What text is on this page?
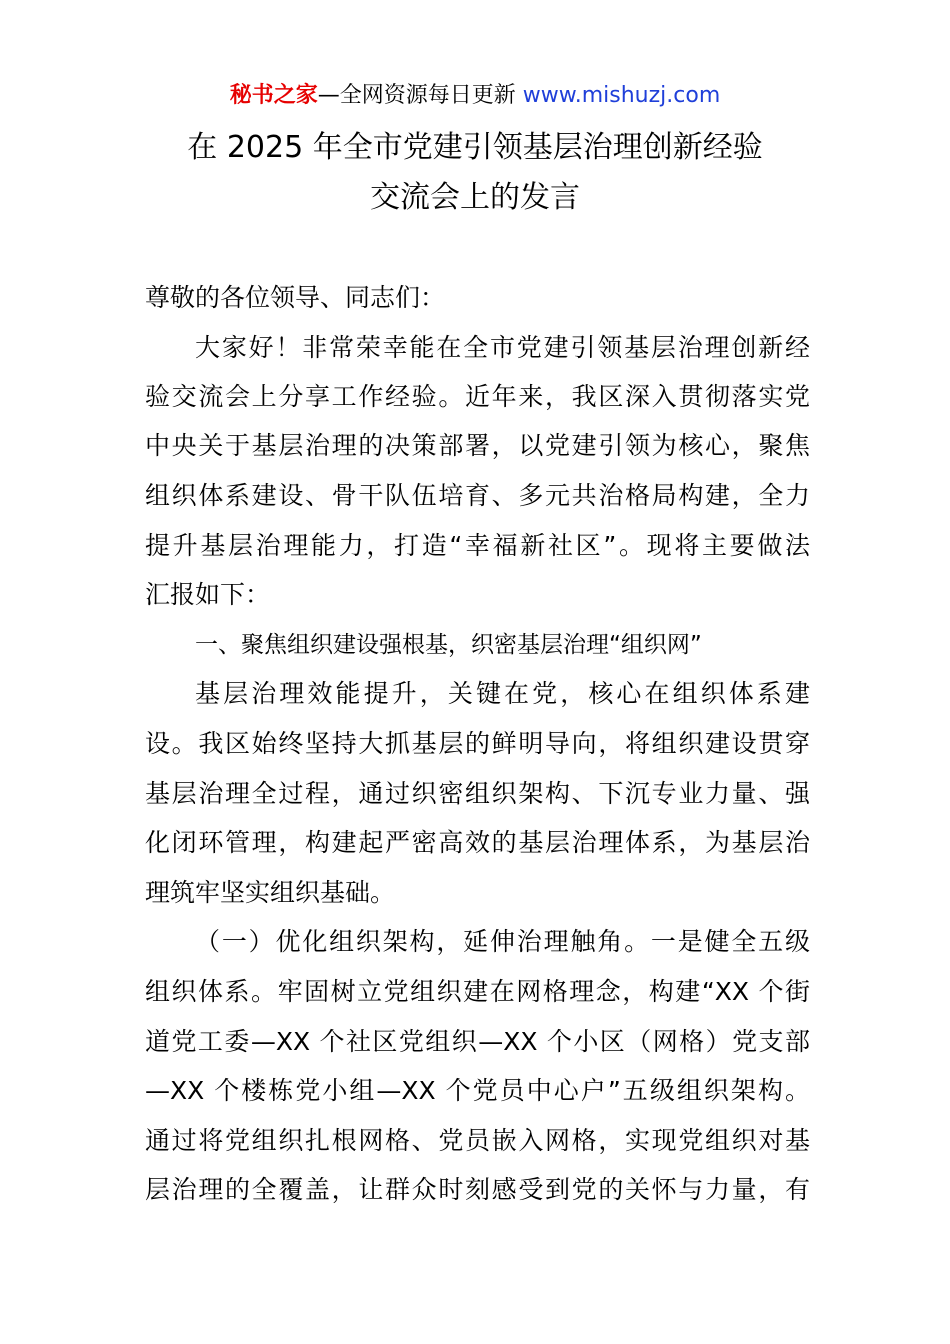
秘书之家—全网资源每日更新 www.mishuzj.com
在 2025 年全市党建引领基层治理创新经验
交流会上的发言
尊敬的各位领导、同志们：
大家好！非常荣幸能在全市党建引领基层治理创新经
验交流会上分享工作经验。近年来，我区深入贯彻落实党
中央关于基层治理的决策部署，以党建引领为核心，聚焦
组织体系建设、骨干队伍培育、多元共治格局构建，全力
提升基层治理能力，打造“幸福新社区”。现将主要做法
汇报如下：
一、聚焦组织建设强根基，织密基层治理“组织网”
基层治理效能提升，关键在党，核心在组织体系建
设。我区始终坚持大抓基层的鲜明导向，将组织建设贯穿
基层治理全过程，通过织密组织架构、下沉专业力量、强
化闭环管理，构建起严密高效的基层治理体系，为基层治
理筑牢坚实组织基础。
（一）优化组织架构，延伸治理触角。一是健全五级
组织体系。牢固树立党组织建在网格理念，构建“XX 个街
道党工委—XX 个社区党组织—XX 个小区（网格）党支部
—XX 个楼栋党小组—XX 个党员中心户”五级组织架构。
通过将党组织扎根网格、党员嵌入网格，实现党组织对基
层治理的全覆盖，让群众时刻感受到党的关怀与力量，有
